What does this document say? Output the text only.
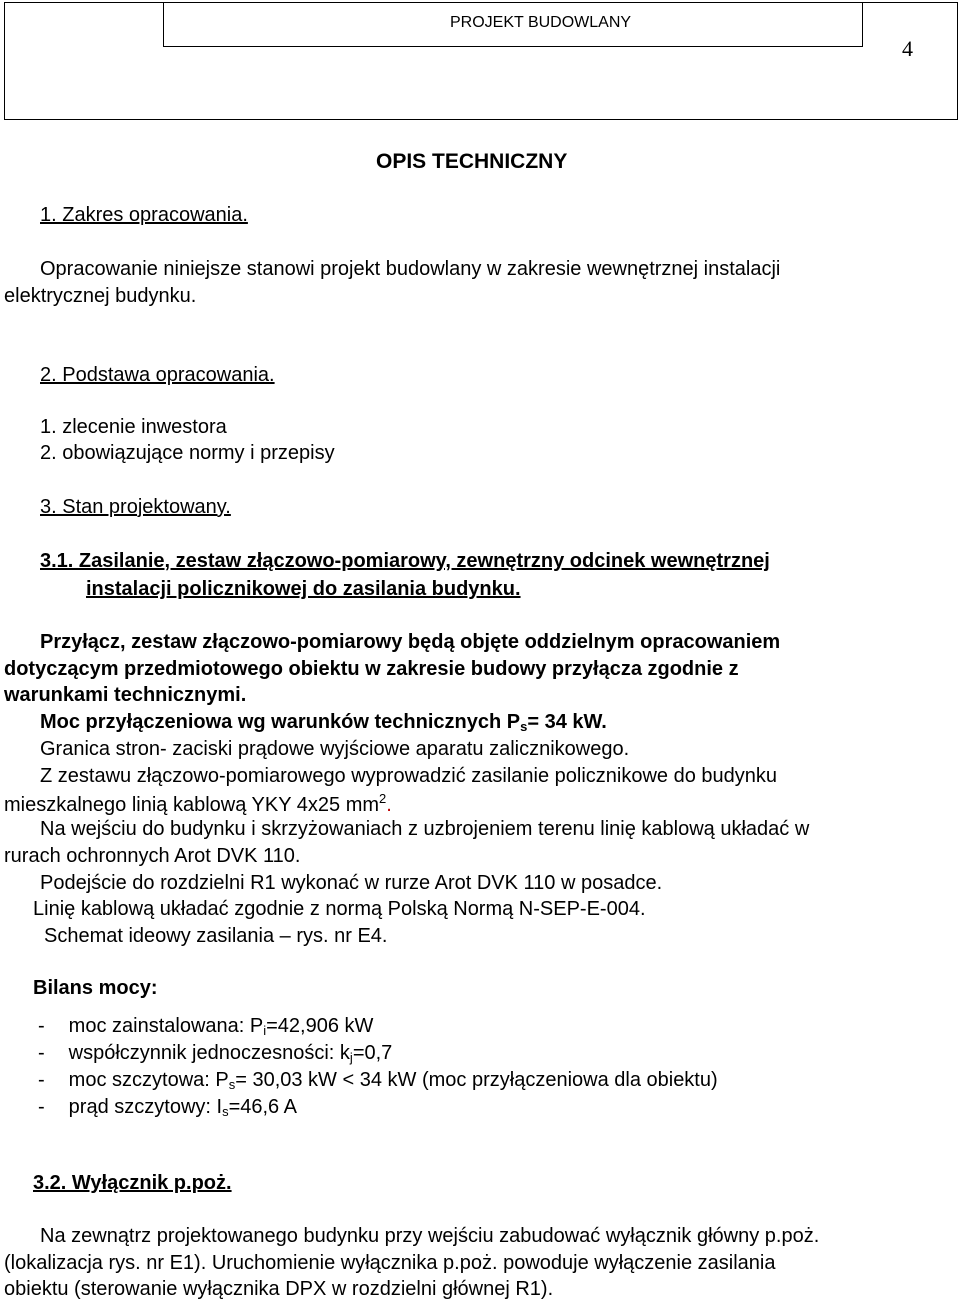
PROJEKT BUDOWLANY
4
OPIS TECHNICZNY
1. Zakres opracowania.
Opracowanie niniejsze stanowi projekt budowlany w zakresie wewnętrznej instalacji
elektrycznej budynku.
2. Podstawa opracowania.
1. zlecenie inwestora
2. obowiązujące normy i przepisy
3. Stan projektowany.
3.1. Zasilanie, zestaw złączowo-pomiarowy, zewnętrzny odcinek wewnętrznej
instalacji policznikowej do zasilania budynku.
Przyłącz, zestaw złączowo-pomiarowy będą objęte oddzielnym opracowaniem
dotyczącym przedmiotowego obiektu w zakresie budowy przyłącza zgodnie z
warunkami technicznymi.
Moc przyłączeniowa wg warunków technicznych $P_s= 34$ kW.
Granica stron- zaciski prądowe wyjściowe aparatu zalicznikowego.
Z zestawu złączowo-pomiarowego wyprowadzić zasilanie policznikowe do budynku
mieszkalnego linią kablową YKY 4x25 $mm^2$.
Na wejściu do budynku i skrzyżowaniach z uzbrojeniem terenu linię kablową układać w
rurach ochronnych Arot DVK 110.
Podejście do rozdzielni R1 wykonać w rurze Arot DVK 110 w posadce.
Linię kablową układać zgodnie z normą Polską Normą N-SEP-E-004.
Schemat ideowy zasilania – rys. nr E4.
Bilans mocy:
- moc zainstalowana: $P_i=42,906$ kW
- współczynnik jednoczesności: $k_j=0,7$
- moc szczytowa: $P_s= 30,03$ kW < 34 kW (moc przyłączeniowa dla obiektu)
- prąd szczytowy: $I_s=46,6$ A
3.2. Wyłącznik p.poż.
Na zewnątrz projektowanego budynku przy wejściu zabudować wyłącznik główny p.poż.
(lokalizacja rys. nr E1). Uruchomienie wyłącznika p.poż. powoduje wyłączenie zasilania
obiektu (sterowanie wyłącznika DPX w rozdzielni głównej R1).
